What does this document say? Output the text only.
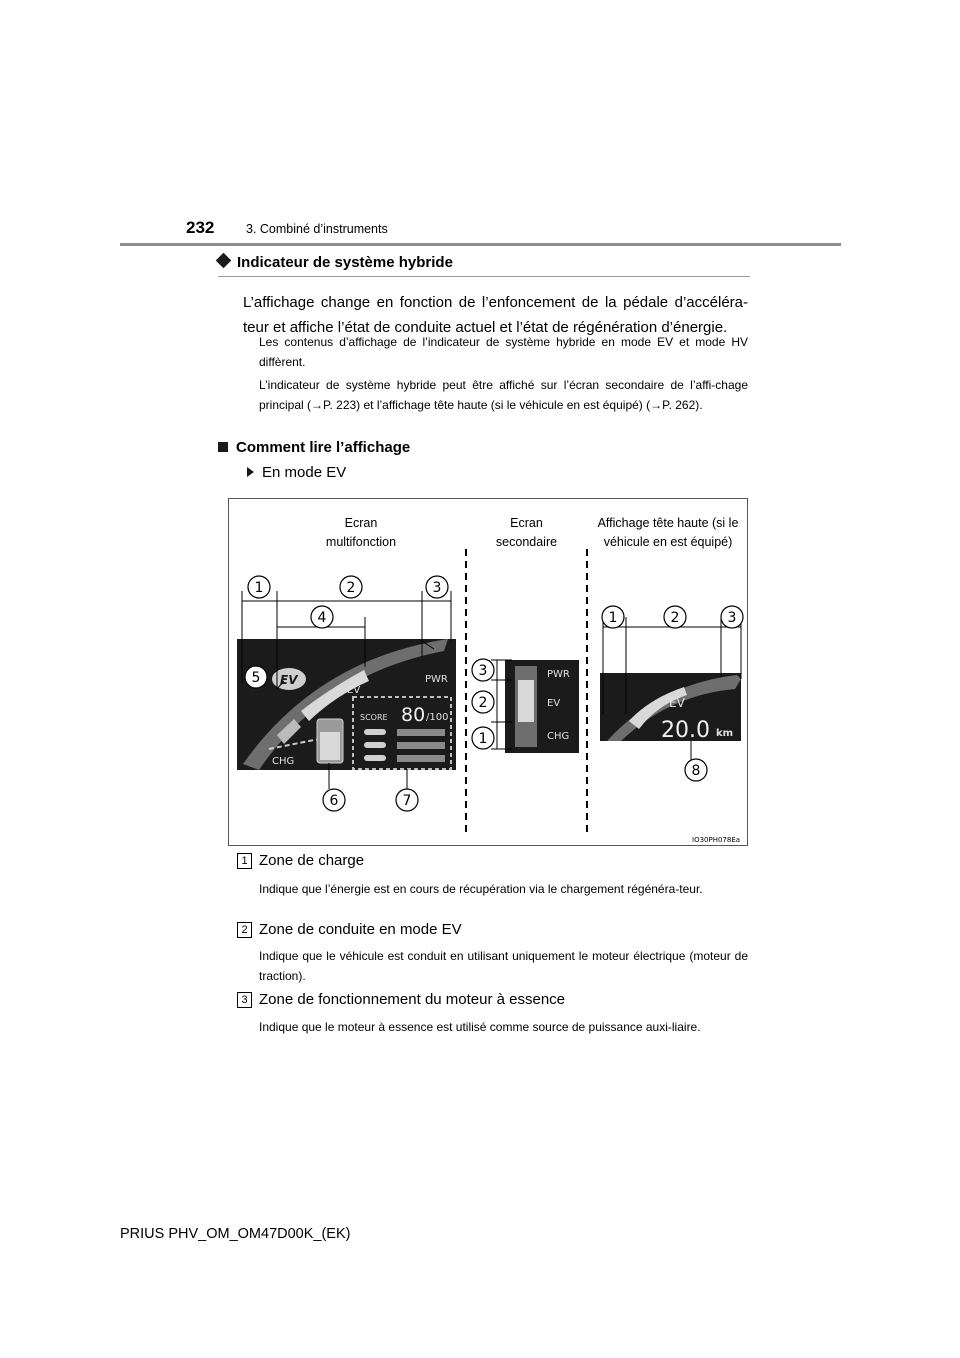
232	3. Combiné d’instruments
Indicateur de système hybride
L’affichage change en fonction de l’enfoncement de la pédale d’accéléra-teur et affiche l’état de conduite actuel et l’état de régénération d’énergie.
Les contenus d’affichage de l’indicateur de système hybride en mode EV et mode HV diffèrent.
L’indicateur de système hybride peut être affiché sur l’écran secondaire de l’affi-chage principal (→P. 223) et l’affichage tête haute (si le véhicule en est équipé) (→P. 262).
Comment lire l’affichage
En mode EV
EV	PWR
EV
CHG
SCORE 80 /100
PWR
EV
CHG
EV
20.0 km
1	2	3
4
5
6	7
3
2
1
1	2	3
8
IO30PH078Ea
Ecran
multifonction
Ecran
secondaire
Affichage tête haute (si le
véhicule en est équipé)
1 Zone de charge
Indique que l’énergie est en cours de récupération via le chargement régénéra-teur.
2 Zone de conduite en mode EV
Indique que le véhicule est conduit en utilisant uniquement le moteur électrique (moteur de traction).
3 Zone de fonctionnement du moteur à essence
Indique que le moteur à essence est utilisé comme source de puissance auxi-liaire.
PRIUS PHV_OM_OM47D00K_(EK)
